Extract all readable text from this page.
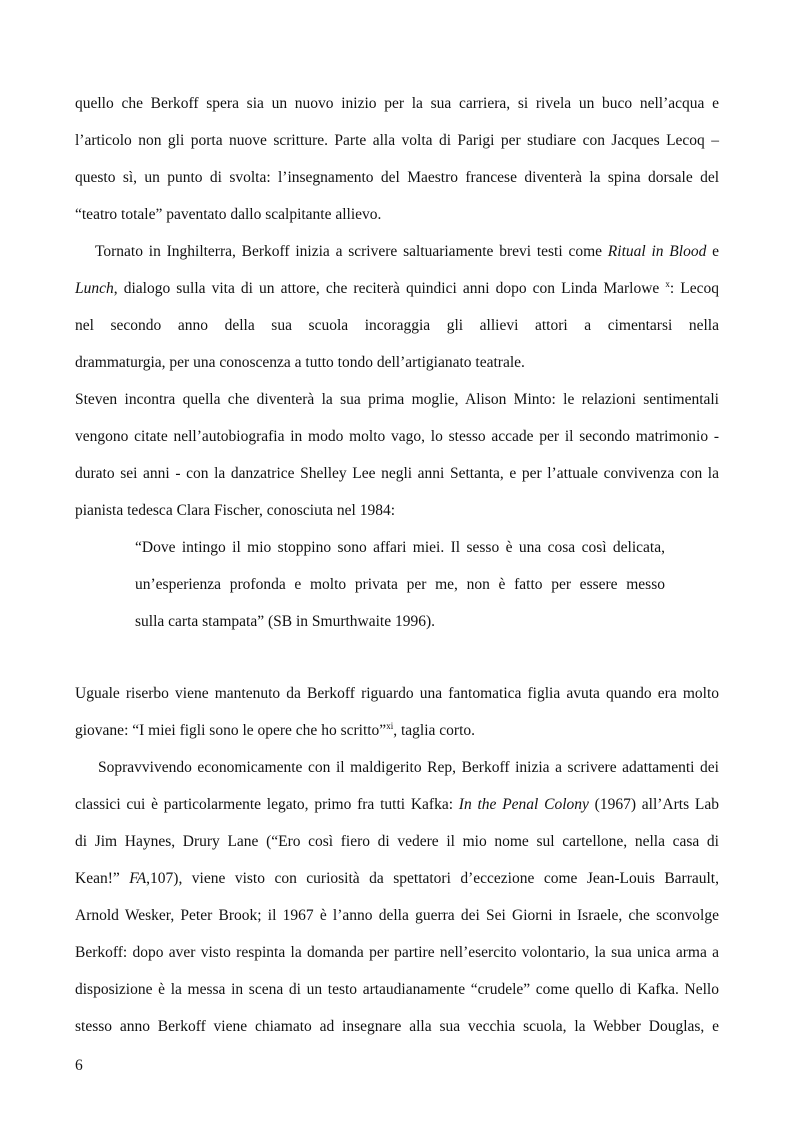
quello che Berkoff spera sia un nuovo inizio per la sua carriera, si rivela un buco nell’acqua e
l’articolo non gli porta nuove scritture. Parte alla volta di Parigi per studiare con Jacques Lecoq –
questo sì, un punto di svolta: l’insegnamento del Maestro francese diventerà la spina dorsale del
“teatro totale” paventato dallo scalpitante allievo.
Tornato in Inghilterra, Berkoff inizia a scrivere saltuariamente brevi testi come Ritual in Blood e
Lunch, dialogo sulla vita di un attore, che reciterà quindici anni dopo con Linda Marlowe $^x$: Lecoq
nel secondo anno della sua scuola incoraggia gli allievi attori a cimentarsi nella
drammaturgia, per una conoscenza a tutto tondo dell’artigianato teatrale.
Steven incontra quella che diventerà la sua prima moglie, Alison Minto: le relazioni sentimentali
vengono citate nell’autobiografia in modo molto vago, lo stesso accade per il secondo matrimonio -
durato sei anni - con la danzatrice Shelley Lee negli anni Settanta, e per l’attuale convivenza con la
pianista tedesca Clara Fischer, conosciuta nel 1984:
“Dove intingo il mio stoppino sono affari miei. Il sesso è una cosa così delicata,
un’esperienza profonda e molto privata per me, non è fatto per essere messo
sulla carta stampata” (SB in Smurthwaite 1996).
Uguale riserbo viene mantenuto da Berkoff riguardo una fantomatica figlia avuta quando era molto
giovane: “I miei figli sono le opere che ho scritto”$^{xi}$, taglia corto.
Sopravvivendo economicamente con il maldigerito Rep, Berkoff inizia a scrivere adattamenti dei
classici cui è particolarmente legato, primo fra tutti Kafka: In the Penal Colony (1967) all’Arts Lab
di Jim Haynes, Drury Lane (“Ero così fiero di vedere il mio nome sul cartellone, nella casa di
Kean!” FA,107), viene visto con curiosità da spettatori d’eccezione come Jean-Louis Barrault,
Arnold Wesker, Peter Brook; il 1967 è l’anno della guerra dei Sei Giorni in Israele, che sconvolge
Berkoff: dopo aver visto respinta la domanda per partire nell’esercito volontario, la sua unica arma a
disposizione è la messa in scena di un testo artaudianamente “crudele” come quello di Kafka. Nello
stesso anno Berkoff viene chiamato ad insegnare alla sua vecchia scuola, la Webber Douglas, e
6
